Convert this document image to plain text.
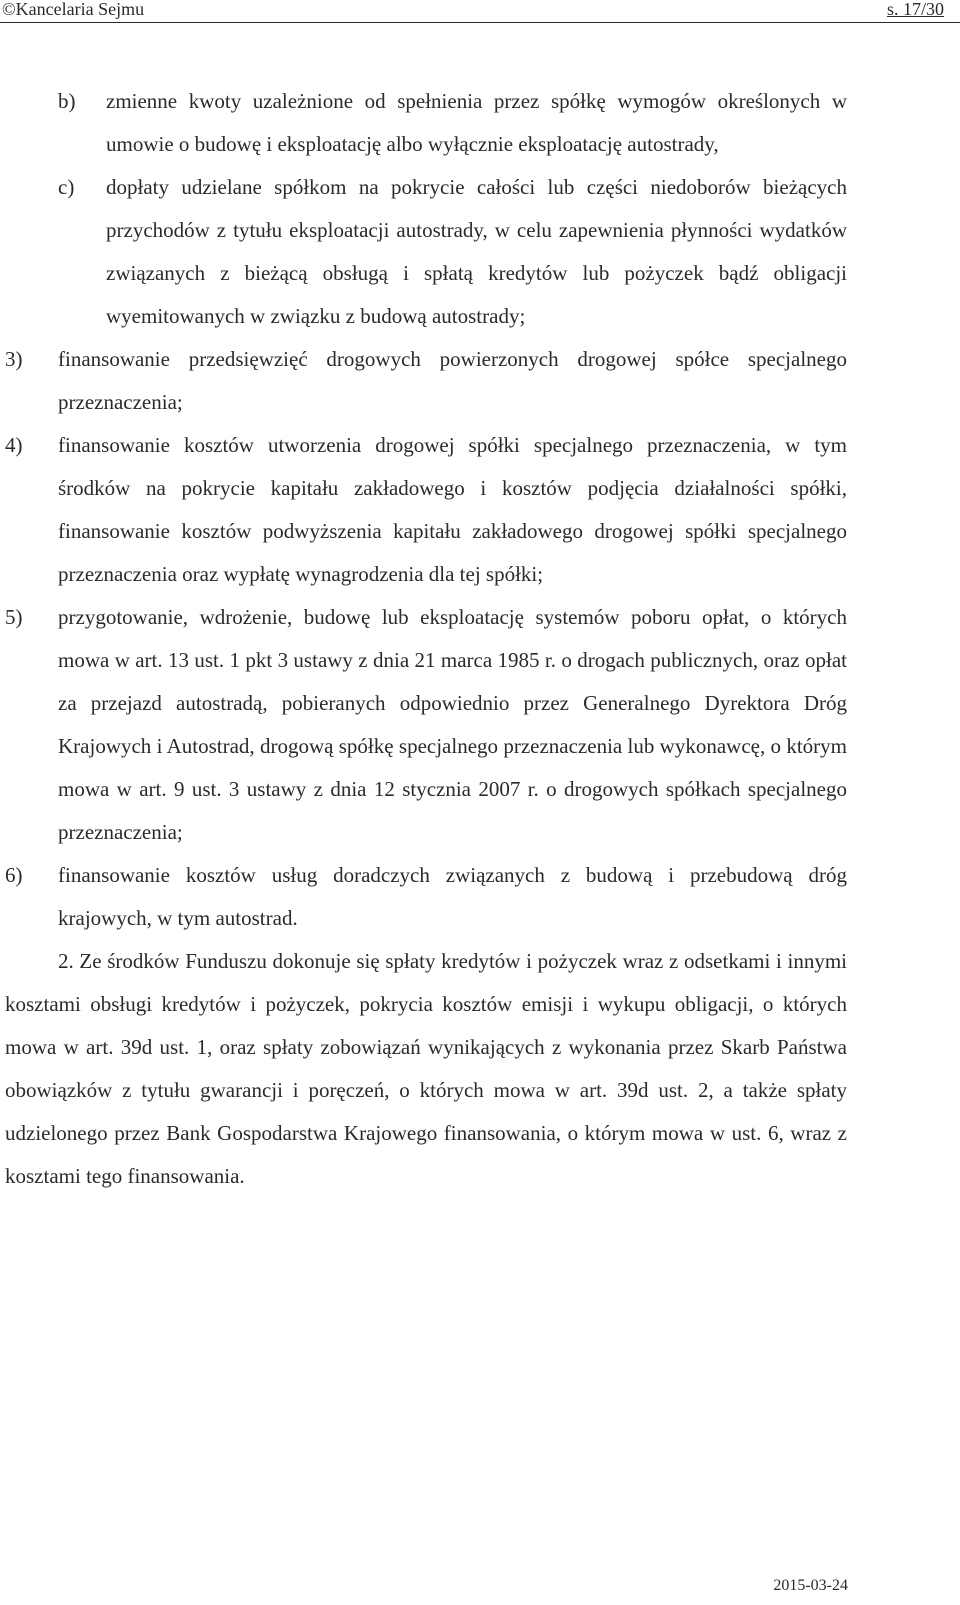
©Kancelaria Sejmu	s. 17/30
b) zmienne kwoty uzależnione od spełnienia przez spółkę wymogów określonych w umowie o budowę i eksploatację albo wyłącznie eksploatację autostrady,
c) dopłaty udzielane spółkom na pokrycie całości lub części niedoborów bieżących przychodów z tytułu eksploatacji autostrady, w celu zapewnienia płynności wydatków związanych z bieżącą obsługą i spłatą kredytów lub pożyczek bądź obligacji wyemitowanych w związku z budową autostrady;
3) finansowanie przedsięwzięć drogowych powierzonych drogowej spółce specjalnego przeznaczenia;
4) finansowanie kosztów utworzenia drogowej spółki specjalnego przeznaczenia, w tym środków na pokrycie kapitału zakładowego i kosztów podjęcia działalności spółki, finansowanie kosztów podwyższenia kapitału zakładowego drogowej spółki specjalnego przeznaczenia oraz wypłatę wynagrodzenia dla tej spółki;
5) przygotowanie, wdrożenie, budowę lub eksploatację systemów poboru opłat, o których mowa w art. 13 ust. 1 pkt 3 ustawy z dnia 21 marca 1985 r. o drogach publicznych, oraz opłat za przejazd autostradą, pobieranych odpowiednio przez Generalnego Dyrektora Dróg Krajowych i Autostrad, drogową spółkę specjalnego przeznaczenia lub wykonawcę, o którym mowa w art. 9 ust. 3 ustawy z dnia 12 stycznia 2007 r. o drogowych spółkach specjalnego przeznaczenia;
6) finansowanie kosztów usług doradczych związanych z budową i przebudową dróg krajowych, w tym autostrad.
2. Ze środków Funduszu dokonuje się spłaty kredytów i pożyczek wraz z odsetkami i innymi kosztami obsługi kredytów i pożyczek, pokrycia kosztów emisji i wykupu obligacji, o których mowa w art. 39d ust. 1, oraz spłaty zobowiązań wynikających z wykonania przez Skarb Państwa obowiązków z tytułu gwarancji i poręczeń, o których mowa w art. 39d ust. 2, a także spłaty udzielonego przez Bank Gospodarstwa Krajowego finansowania, o którym mowa w ust. 6, wraz z kosztami tego finansowania.
2015-03-24
